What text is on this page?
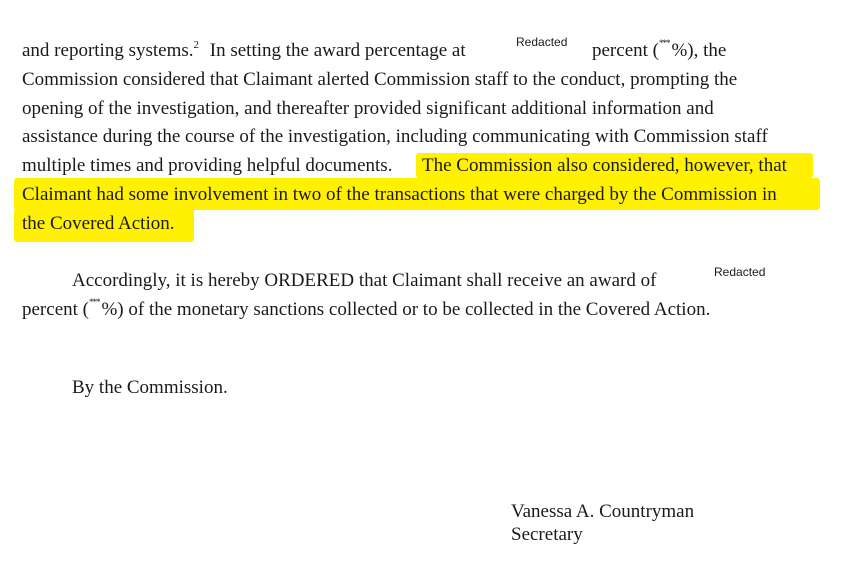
and reporting systems.$^2$ In setting the award percentage at	Redacted percent (*** %), the
Commission considered that Claimant alerted Commission staff to the conduct, prompting the
opening of the investigation, and thereafter provided significant additional information and
assistance during the course of the investigation, including communicating with Commission staff
multiple times and providing helpful documents. The Commission also considered, however, that
Claimant had some involvement in two of the transactions that were charged by the Commission in
the Covered Action.
Accordingly, it is hereby ORDERED that Claimant shall receive an award of	Redacted
percent (*** %) of the monetary sanctions collected or to be collected in the Covered Action.
By the Commission.
Vanessa A. Countryman
Secretary
